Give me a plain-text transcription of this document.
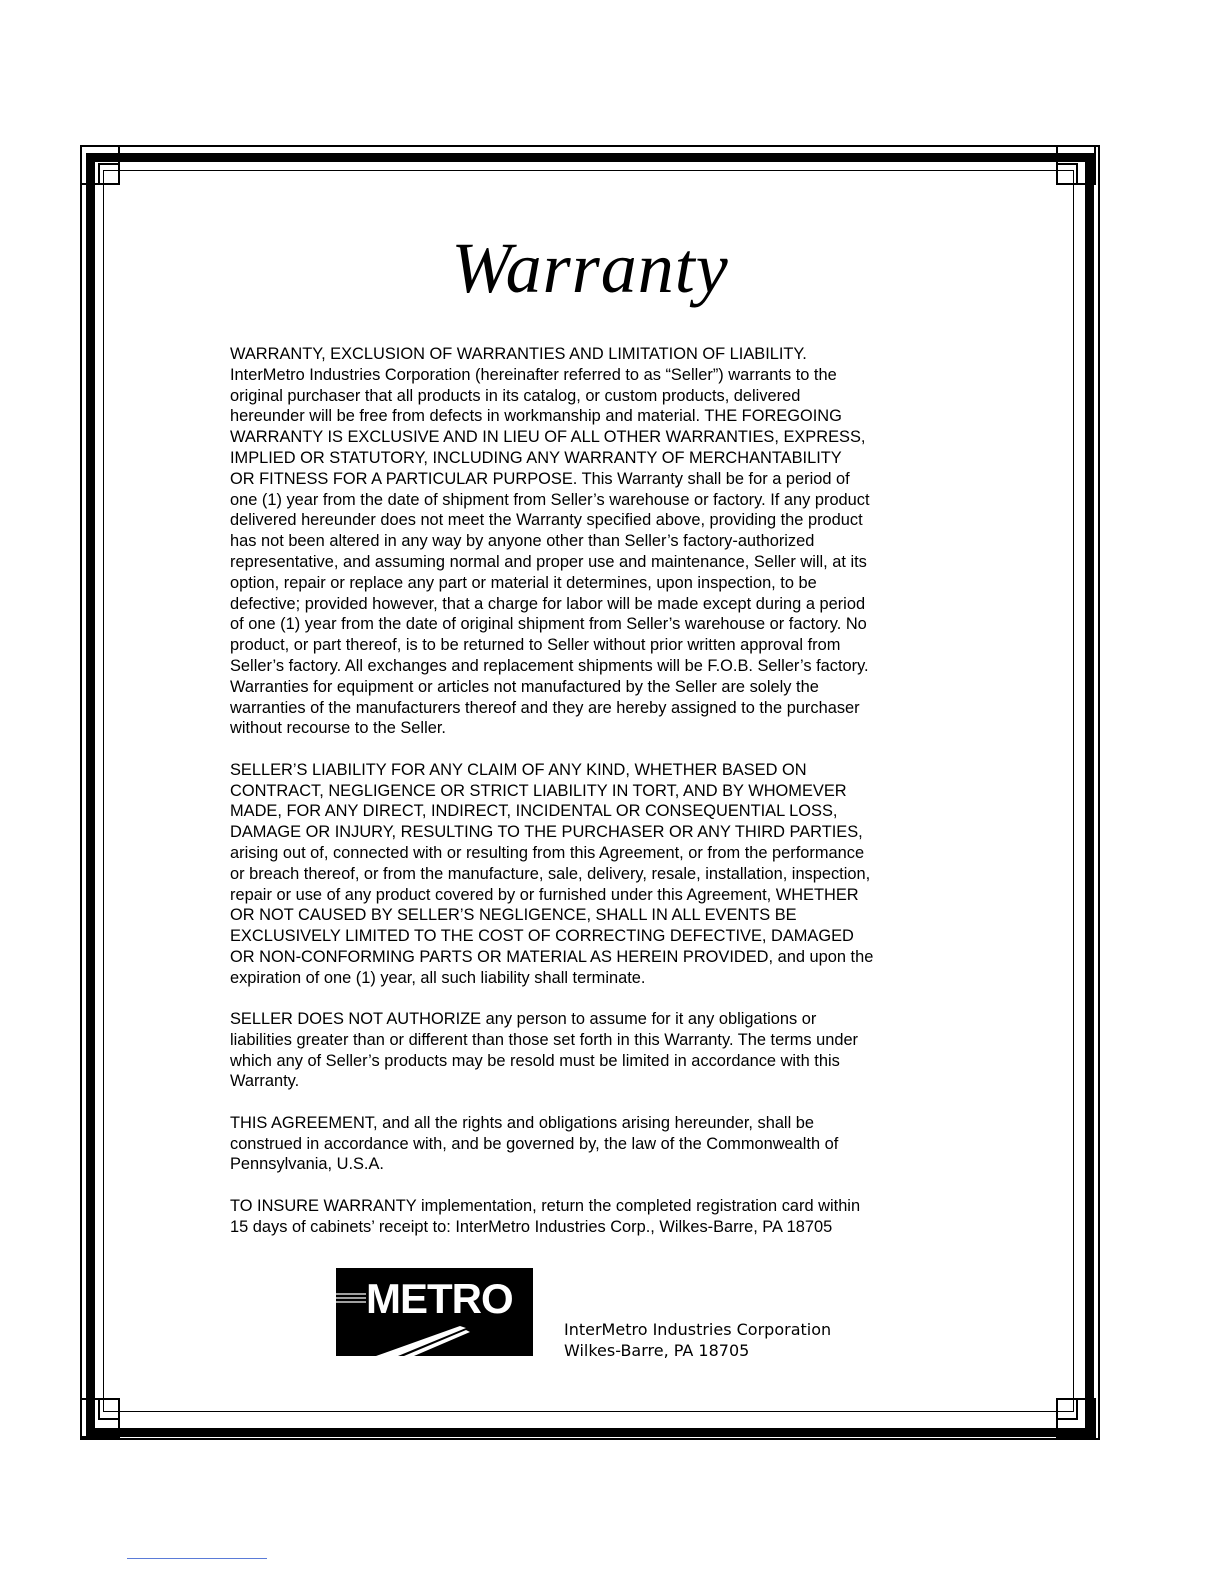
Warranty

WARRANTY, EXCLUSION OF WARRANTIES AND LIMITATION OF LIABILITY.
InterMetro Industries Corporation (hereinafter referred to as “Seller”) warrants to the
original purchaser that all products in its catalog, or custom products, delivered
hereunder will be free from defects in workmanship and material. THE FOREGOING
WARRANTY IS EXCLUSIVE AND IN LIEU OF ALL OTHER WARRANTIES, EXPRESS,
IMPLIED OR STATUTORY, INCLUDING ANY WARRANTY OF MERCHANTABILITY
OR FITNESS FOR A PARTICULAR PURPOSE. This Warranty shall be for a period of
one (1) year from the date of shipment from Seller’s warehouse or factory. If any product
delivered hereunder does not meet the Warranty specified above, providing the product
has not been altered in any way by anyone other than Seller’s factory-authorized
representative, and assuming normal and proper use and maintenance, Seller will, at its
option, repair or replace any part or material it determines, upon inspection, to be
defective; provided however, that a charge for labor will be made except during a period
of one (1) year from the date of original shipment from Seller’s warehouse or factory. No
product, or part thereof, is to be returned to Seller without prior written approval from
Seller’s factory. All exchanges and replacement shipments will be F.O.B. Seller’s factory.
Warranties for equipment or articles not manufactured by the Seller are solely the
warranties of the manufacturers thereof and they are hereby assigned to the purchaser
without recourse to the Seller.

SELLER’S LIABILITY FOR ANY CLAIM OF ANY KIND, WHETHER BASED ON
CONTRACT, NEGLIGENCE OR STRICT LIABILITY IN TORT, AND BY WHOMEVER
MADE, FOR ANY DIRECT, INDIRECT, INCIDENTAL OR CONSEQUENTIAL LOSS,
DAMAGE OR INJURY, RESULTING TO THE PURCHASER OR ANY THIRD PARTIES,
arising out of, connected with or resulting from this Agreement, or from the performance
or breach thereof, or from the manufacture, sale, delivery, resale, installation, inspection,
repair or use of any product covered by or furnished under this Agreement, WHETHER
OR NOT CAUSED BY SELLER’S NEGLIGENCE, SHALL IN ALL EVENTS BE
EXCLUSIVELY LIMITED TO THE COST OF CORRECTING DEFECTIVE, DAMAGED
OR NON-CONFORMING PARTS OR MATERIAL AS HEREIN PROVIDED, and upon the
expiration of one (1) year, all such liability shall terminate.

SELLER DOES NOT AUTHORIZE any person to assume for it any obligations or
liabilities greater than or different than those set forth in this Warranty. The terms under
which any of Seller’s products may be resold must be limited in accordance with this
Warranty.

THIS AGREEMENT, and all the rights and obligations arising hereunder, shall be
construed in accordance with, and be governed by, the law of the Commonwealth of
Pennsylvania, U.S.A.

TO INSURE WARRANTY implementation, return the completed registration card within
15 days of cabinets’ receipt to: InterMetro Industries Corp., Wilkes-Barre, PA 18705

METRO
InterMetro Industries Corporation
Wilkes-Barre, PA 18705
